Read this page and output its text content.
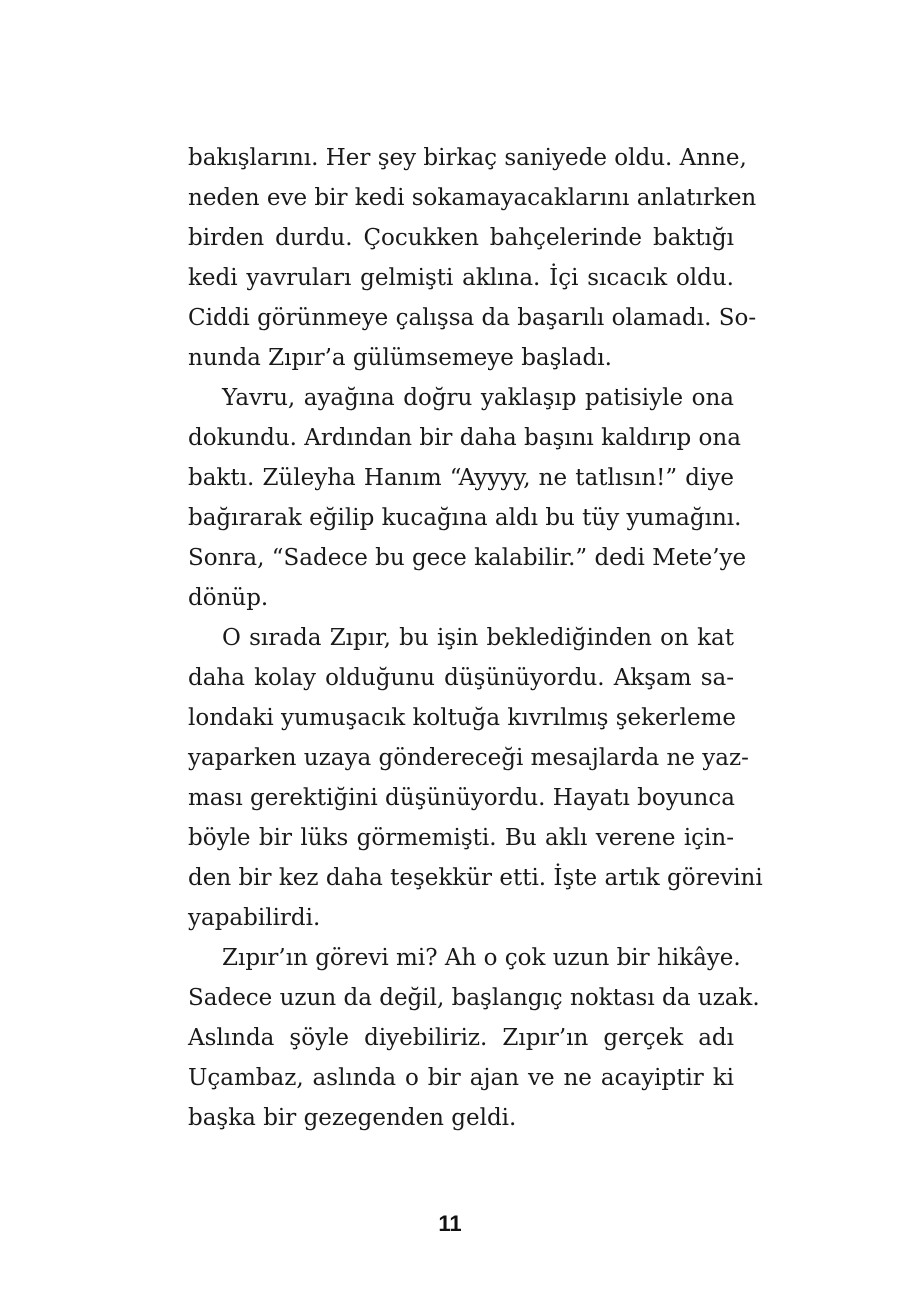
bakışlarını. Her şey birkaç saniyede oldu. Anne,
neden eve bir kedi sokamayacaklarını anlatırken
birden durdu. Çocukken bahçelerinde baktığı
kedi yavruları gelmişti aklına. İçi sıcacık oldu.
Ciddi görünmeye çalışsa da başarılı olamadı. So-
nunda Zıpır’a gülümsemeye başladı.
Yavru, ayağına doğru yaklaşıp patisiyle ona
dokundu. Ardından bir daha başını kaldırıp ona
baktı. Züleyha Hanım “Ayyyy, ne tatlısın!” diye
bağırarak eğilip kucağına aldı bu tüy yumağını.
Sonra, “Sadece bu gece kalabilir.” dedi Mete’ye
dönüp.
O sırada Zıpır, bu işin beklediğinden on kat
daha kolay olduğunu düşünüyordu. Akşam sa-
londaki yumuşacık koltuğa kıvrılmış şekerleme
yaparken uzaya göndereceği mesajlarda ne yaz-
ması gerektiğini düşünüyordu. Hayatı boyunca
böyle bir lüks görmemişti. Bu aklı verene için-
den bir kez daha teşekkür etti. İşte artık görevini
yapabilirdi.
Zıpır’ın görevi mi? Ah o çok uzun bir hikâye.
Sadece uzun da değil, başlangıç noktası da uzak.
Aslında şöyle diyebiliriz. Zıpır’ın gerçek adı
Uçambaz, aslında o bir ajan ve ne acayiptir ki
başka bir gezegenden geldi.
11
